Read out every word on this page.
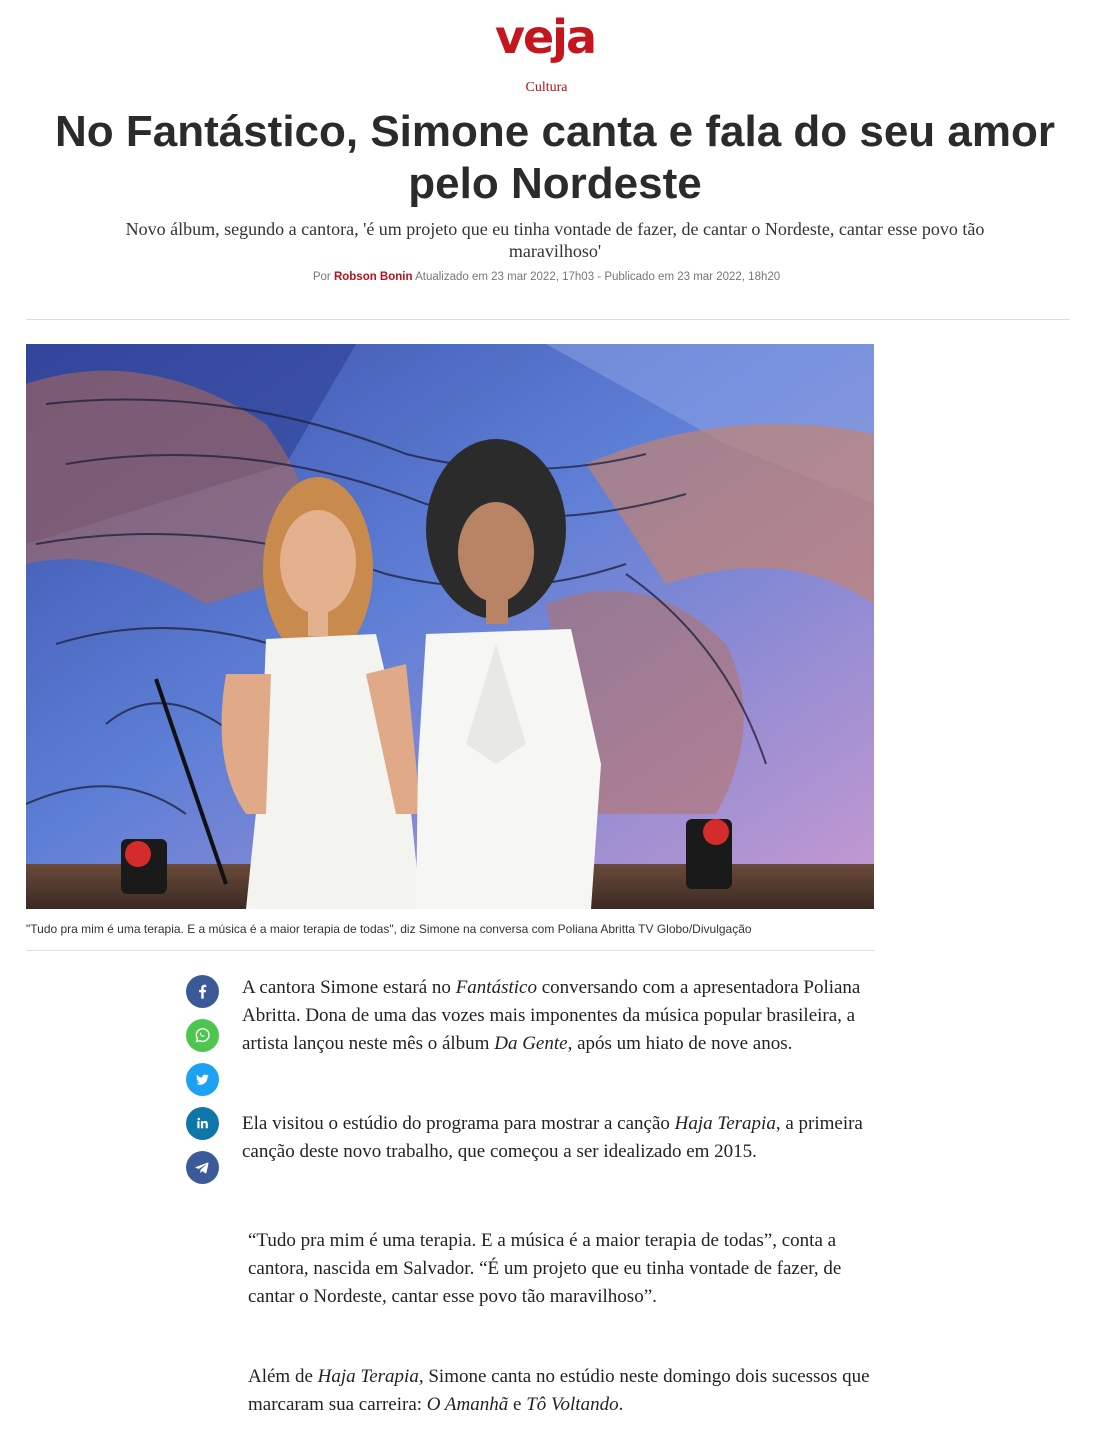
veja
Cultura
No Fantástico, Simone canta e fala do seu amor pelo Nordeste
Novo álbum, segundo a cantora, 'é um projeto que eu tinha vontade de fazer, de cantar o Nordeste, cantar esse povo tão maravilhoso'
Por Robson Bonin Atualizado em 23 mar 2022, 17h03 - Publicado em 23 mar 2022, 18h20
"Tudo pra mim é uma terapia. E a música é a maior terapia de todas", diz Simone na conversa com Poliana Abritta TV Globo/Divulgação

A cantora Simone estará no Fantástico conversando com a apresentadora Poliana Abritta. Dona de uma das vozes mais imponentes da música popular brasileira, a artista lançou neste mês o álbum Da Gente, após um hiato de nove anos.

Ela visitou o estúdio do programa para mostrar a canção Haja Terapia, a primeira canção deste novo trabalho, que começou a ser idealizado em 2015.

“Tudo pra mim é uma terapia. E a música é a maior terapia de todas”, conta a cantora, nascida em Salvador. “É um projeto que eu tinha vontade de fazer, de cantar o Nordeste, cantar esse povo tão maravilhoso”.

Além de Haja Terapia, Simone canta no estúdio neste domingo dois sucessos que marcaram sua carreira: O Amanhã e Tô Voltando.
